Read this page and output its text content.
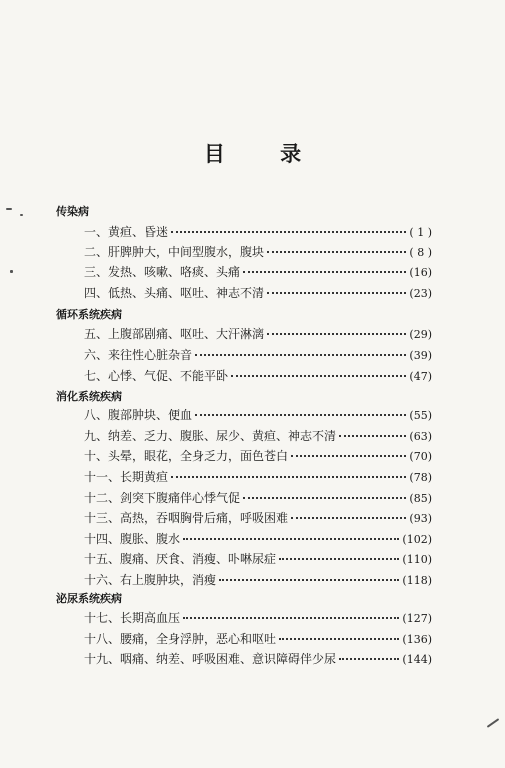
目 录
传染病
一、黄疸、昏迷	( 1 )
二、肝脾肿大，中间型腹水，腹块	( 8 )
三、发热、咳嗽、咯痰、头痛	(16)
四、低热、头痛、呕吐、神志不清	(23)
循环系统疾病
五、上腹部剧痛、呕吐、大汗淋漓	(29)
六、来往性心脏杂音	(39)
七、心悸、气促、不能平卧	(47)
消化系统疾病
八、腹部肿块、便血	(55)
九、纳差、乏力、腹胀、尿少、黄疸、神志不清	(63)
十、头晕，眼花，全身乏力，面色苍白	(70)
十一、长期黄疸	(78)
十二、剑突下腹痛伴心悸气促	(85)
十三、高热，吞咽胸骨后痛，呼吸困难	(93)
十四、腹胀、腹水	(102)
十五、腹痛、厌食、消瘦、卟啉尿症	(110)
十六、右上腹肿块，消瘦	(118)
泌尿系统疾病
十七、长期高血压	(127)
十八、腰痛，全身浮肿，恶心和呕吐	(136)
十九、咽痛、纳差、呼吸困难、意识障碍伴少尿	(144)
